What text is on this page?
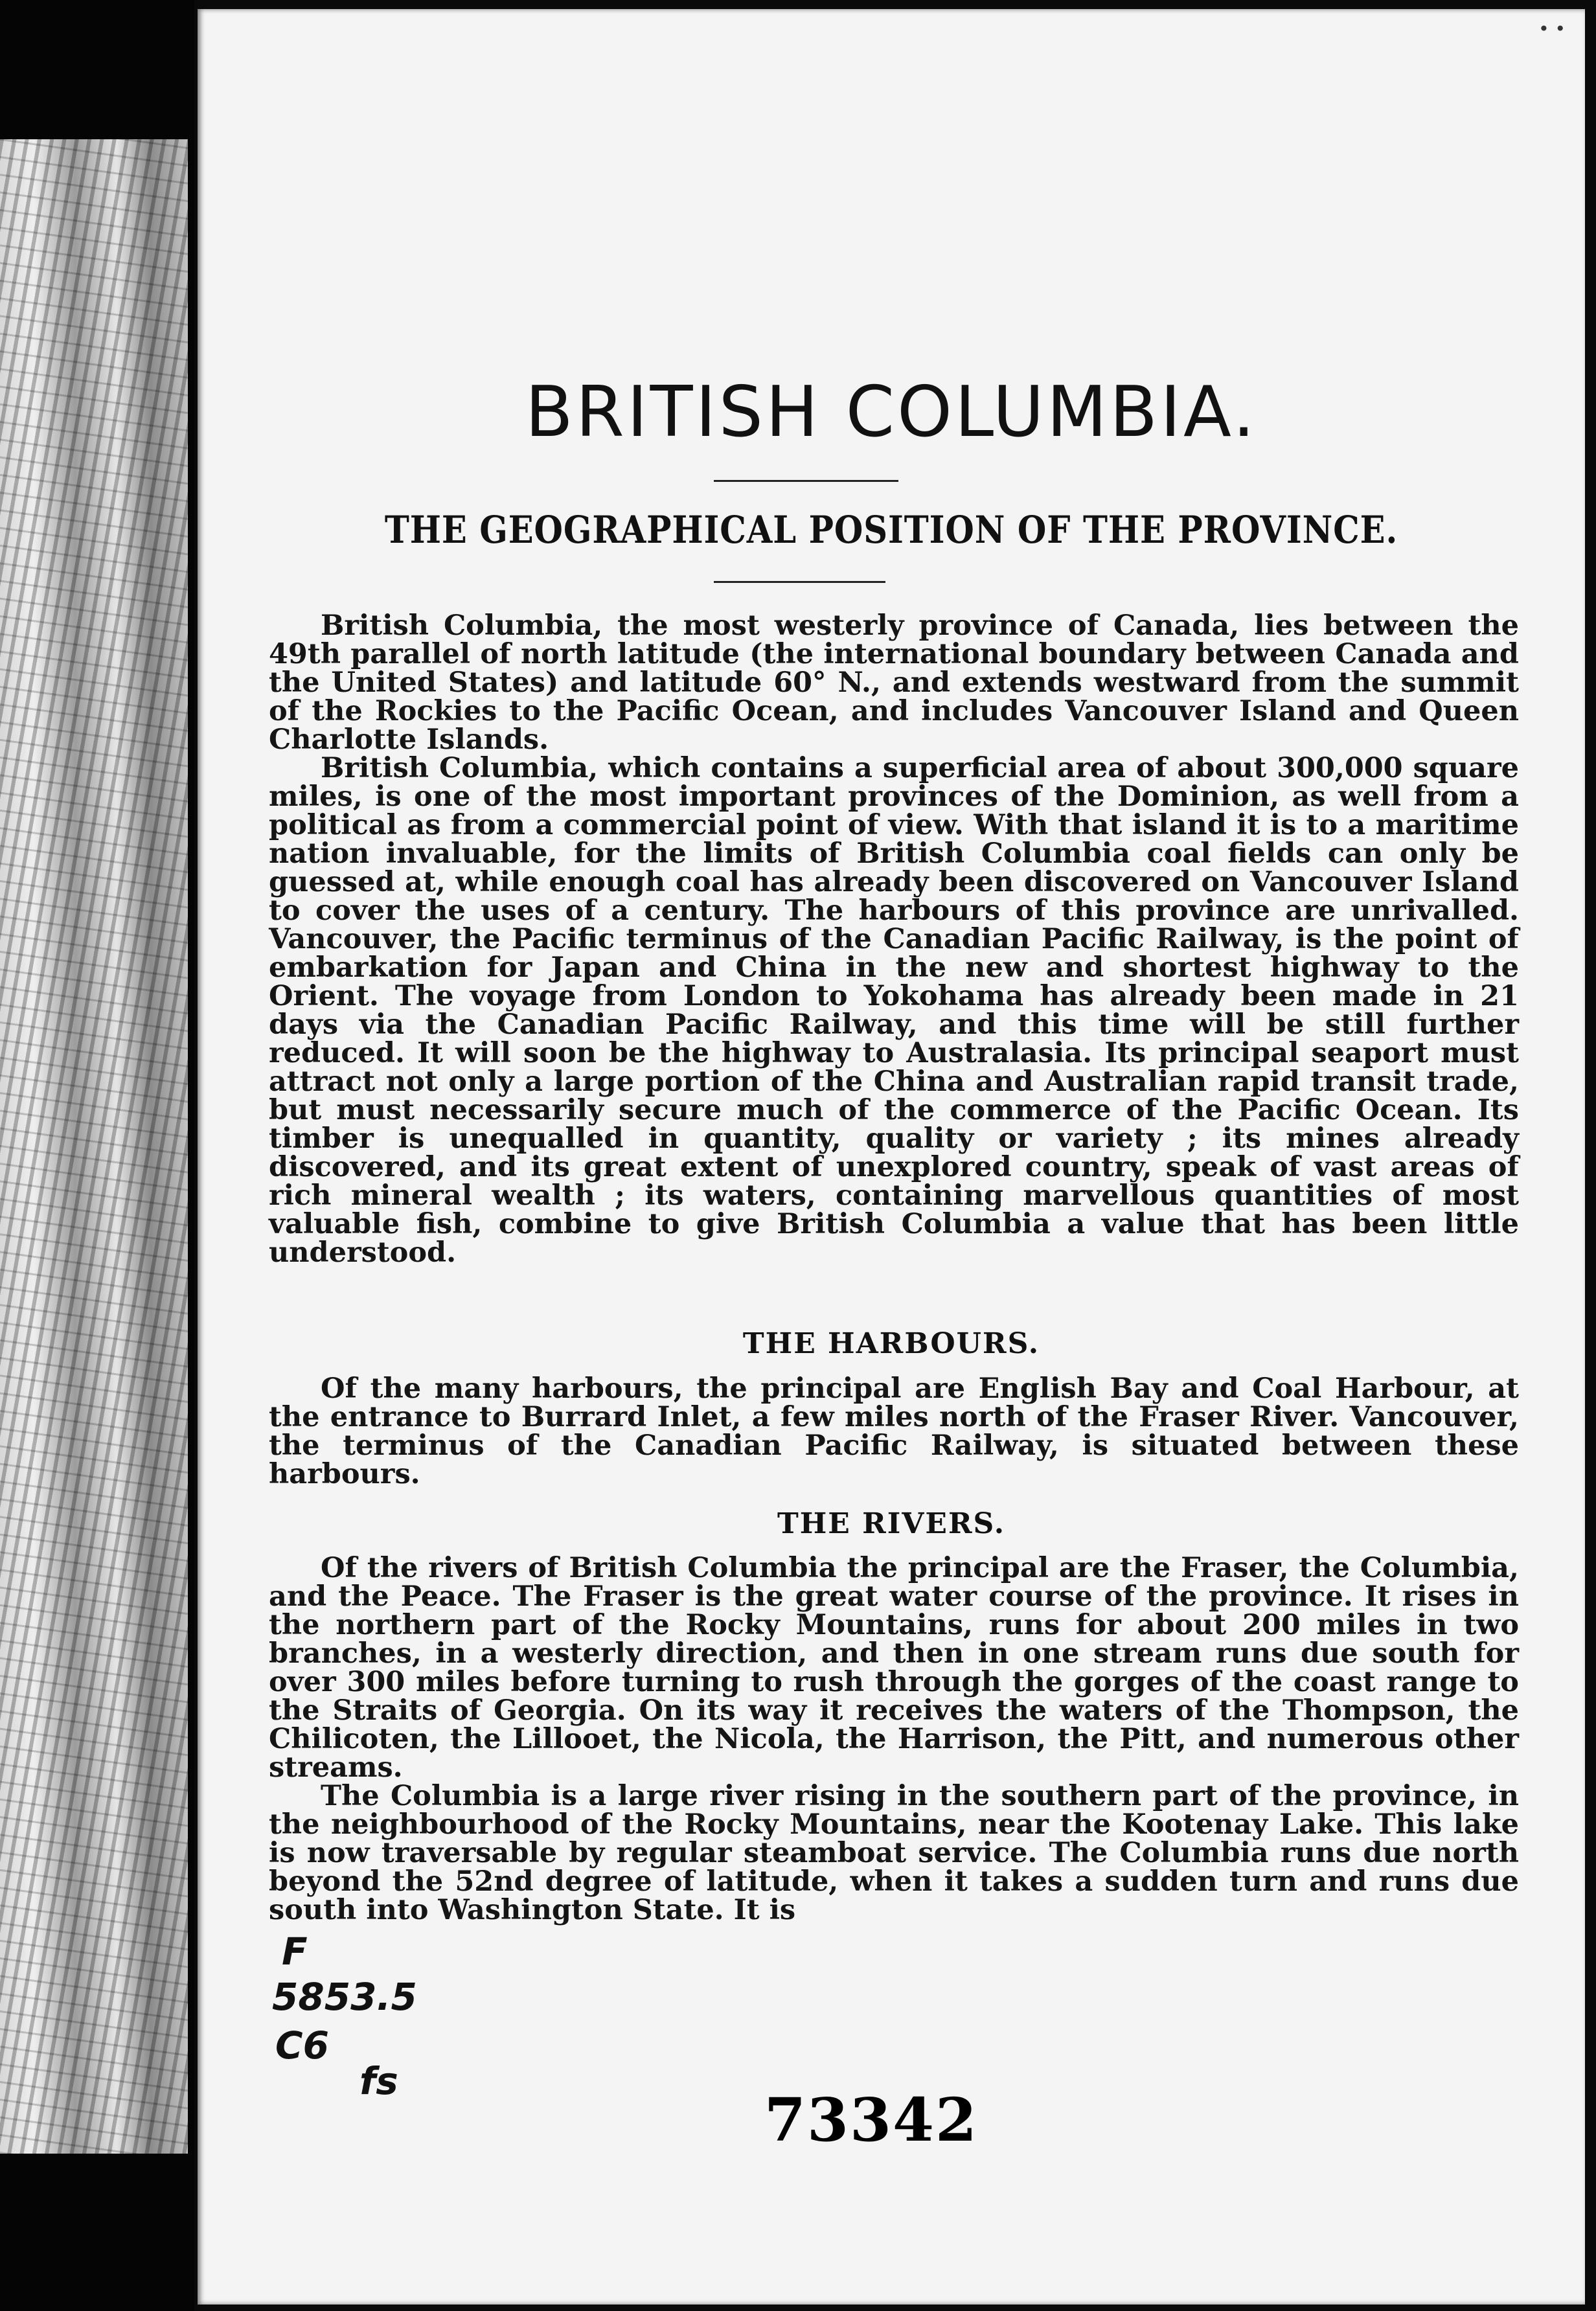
• •
BRITISH COLUMBIA.
THE GEOGRAPHICAL POSITION OF THE PROVINCE.

British Columbia, the most westerly province of Canada, lies between the 49th parallel of north latitude (the international boundary between Canada and the United States) and latitude 60° N., and extends westward from the summit of the Rockies to the Pacific Ocean, and includes Vancouver Island and Queen Charlotte Islands.

British Columbia, which contains a superficial area of about 300,000 square miles, is one of the most important provinces of the Dominion, as well from a political as from a commercial point of view. With that island it is to a maritime nation invaluable, for the limits of British Columbia coal fields can only be guessed at, while enough coal has already been discovered on Vancouver Island to cover the uses of a century. The harbours of this province are unrivalled. Vancouver, the Pacific terminus of the Canadian Pacific Railway, is the point of embarkation for Japan and China in the new and shortest highway to the Orient. The voyage from London to Yokohama has already been made in 21 days via the Canadian Pacific Railway, and this time will be still further reduced. It will soon be the highway to Australasia. Its principal seaport must attract not only a large portion of the China and Australian rapid transit trade, but must necessarily secure much of the commerce of the Pacific Ocean. Its timber is unequalled in quantity, quality or variety ; its mines already discovered, and its great extent of unexplored country, speak of vast areas of rich mineral wealth ; its waters, containing marvellous quantities of most valuable fish, combine to give British Columbia a value that has been little understood.

THE HARBOURS.

Of the many harbours, the principal are English Bay and Coal Harbour, at the entrance to Burrard Inlet, a few miles north of the Fraser River. Vancouver, the terminus of the Canadian Pacific Railway, is situated between these harbours.

THE RIVERS.

Of the rivers of British Columbia the principal are the Fraser, the Columbia, and the Peace. The Fraser is the great water course of the province. It rises in the northern part of the Rocky Mountains, runs for about 200 miles in two branches, in a westerly direction, and then in one stream runs due south for over 300 miles before turning to rush through the gorges of the coast range to the Straits of Georgia. On its way it receives the waters of the Thompson, the Chilicoten, the Lillooet, the Nicola, the Harrison, the Pitt, and numerous other streams.

The Columbia is a large river rising in the southern part of the province, in the neighbourhood of the Rocky Mountains, near the Kootenay Lake. This lake is now traversable by regular steamboat service. The Columbia runs due north beyond the 52nd degree of latitude, when it takes a sudden turn and runs due south into Washington State. It is

F
5853.5
C6
fs
73342
